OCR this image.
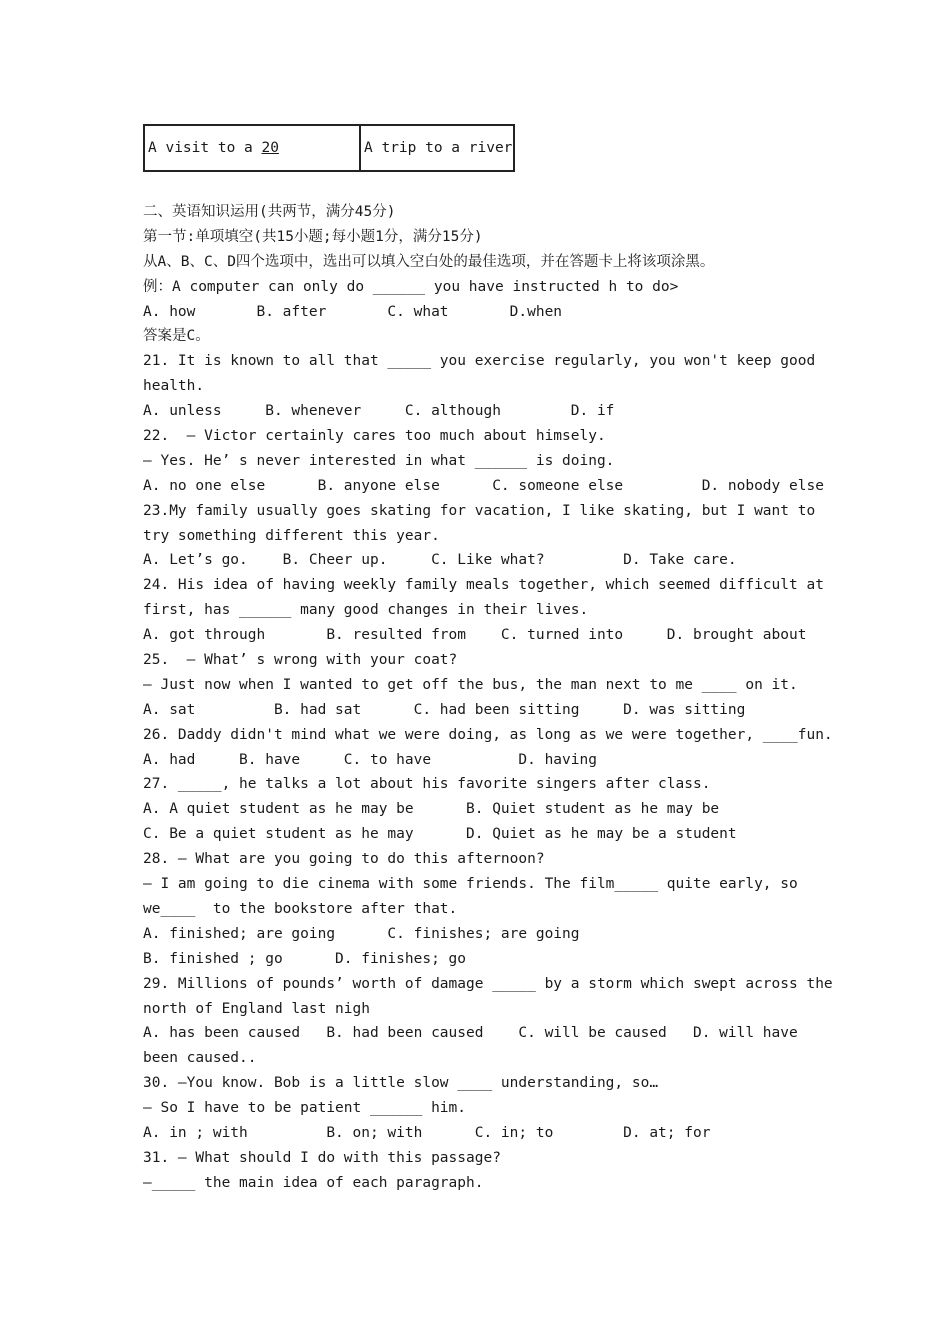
A visit to a 20	A trip to a river
二、英语知识运用(共两节，满分45分)
第一节:单项填空(共15小题;每小题1分，满分15分)
从A、B、C、D四个选项中，选出可以填入空白处的最佳选项，并在答题卡上将该项涂黑。
例：A computer can only do ______ you have instructed h to do>
A. how       B. after       C. what       D.when
答案是C。
21. It is known to all that _____ you exercise regularly, you won't keep good
health.
A. unless     B. whenever     C. although        D. if
22.  — Victor certainly cares too much about himsely.
— Yes. He’ s never interested in what ______ is doing.
A. no one else      B. anyone else      C. someone else         D. nobody else
23.My family usually goes skating for vacation, I like skating, but I want to
try something different this year.
A. Let’s go.    B. Cheer up.     C. Like what?         D. Take care.
24. His idea of having weekly family meals together, which seemed difficult at
first, has ______ many good changes in their lives.
A. got through       B. resulted from    C. turned into     D. brought about
25.  — What’ s wrong with your coat?
— Just now when I wanted to get off the bus, the man next to me ____ on it.
A. sat         B. had sat      C. had been sitting     D. was sitting
26. Daddy didn't mind what we were doing, as long as we were together, ____fun.
A. had     B. have     C. to have          D. having
27. _____, he talks a lot about his favorite singers after class.
A. A quiet student as he may be      B. Quiet student as he may be
C. Be a quiet student as he may      D. Quiet as he may be a student
28. — What are you going to do this afternoon?
— I am going to die cinema with some friends. The film_____ quite early, so
we____  to the bookstore after that.
A. finished; are going      C. finishes; are going
B. finished ; go      D. finishes; go
29. Millions of pounds’ worth of damage _____ by a storm which swept across the
north of England last nigh
A. has been caused   B. had been caused    C. will be caused   D. will have
been caused..
30. —You know. Bob is a little slow ____ understanding, so…
— So I have to be patient ______ him.
A. in ; with         B. on; with      C. in; to        D. at; for
31. — What should I do with this passage?
—_____ the main idea of each paragraph.
